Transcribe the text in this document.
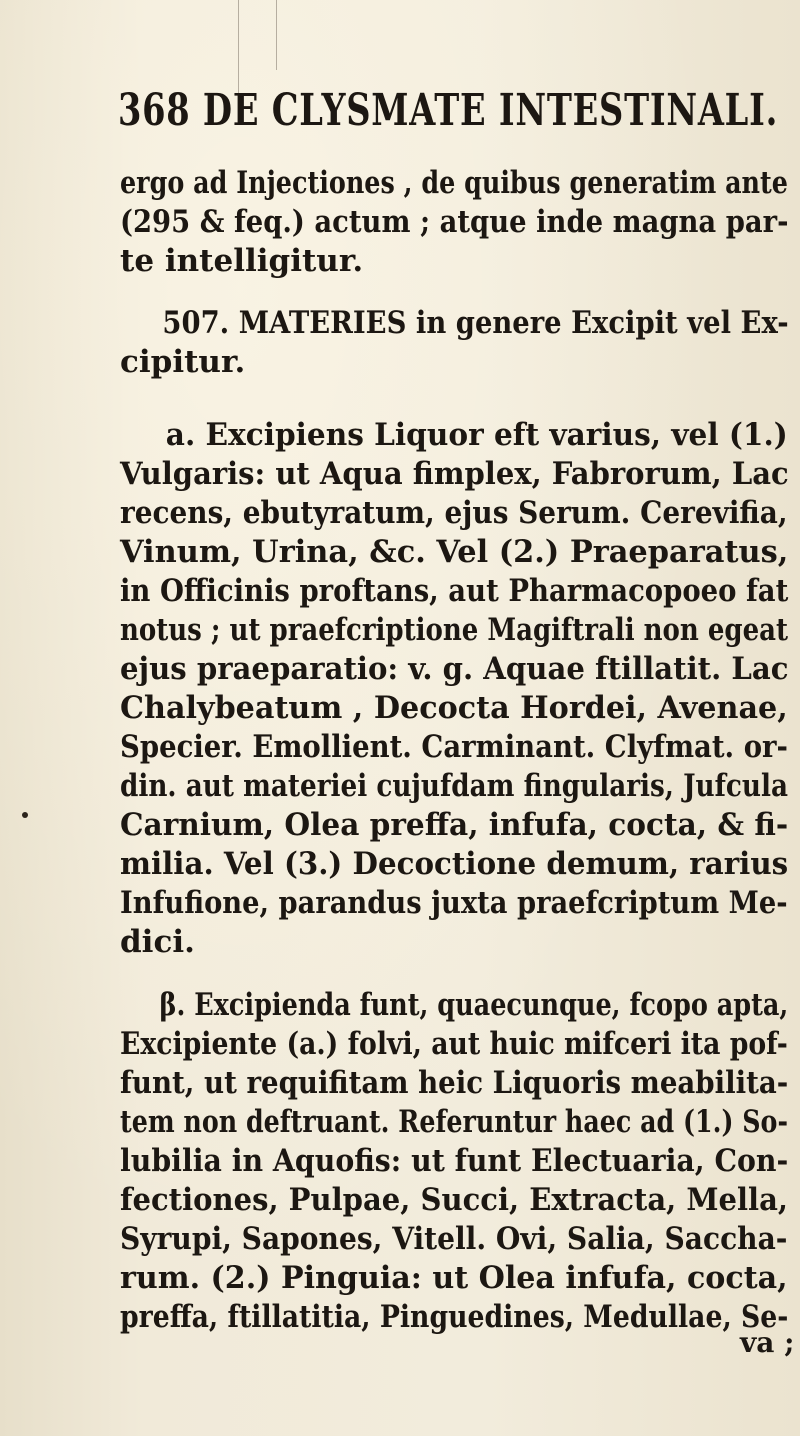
368 DE CLYSMATE INTESTINALI.
ergo ad Injectiones , de quibus generatim ante
(295 & feq.) actum ; atque inde magna par-
te intelligitur.
507. MATERIES in genere Excipit vel Ex-
cipitur.
a. Excipiens Liquor eft varius, vel (1.)
Vulgaris: ut Aqua fimplex, Fabrorum, Lac
recens, ebutyratum, ejus Serum. Cerevifia,
Vinum, Urina, &c. Vel (2.) Praeparatus,
in Officinis proftans, aut Pharmacopoeo fat
notus ; ut praefcriptione Magiftrali non egeat
ejus praeparatio: v. g. Aquae ftillatit. Lac
Chalybeatum , Decocta Hordei, Avenae,
Specier. Emollient. Carminant. Clyfmat. or-
din. aut materiei cujufdam fingularis, Jufcula
Carnium, Olea preffa, infufa, cocta, & fi-
milia. Vel (3.) Decoctione demum, rarius
Infufione, parandus juxta praefcriptum Me-
dici.
β. Excipienda funt, quaecunque, fcopo apta,
Excipiente (a.) folvi, aut huic mifceri ita pof-
funt, ut requifitam heic Liquoris meabilita-
tem non deftruant. Referuntur haec ad (1.) So-
lubilia in Aquofis: ut funt Electuaria, Con-
fectiones, Pulpae, Succi, Extracta, Mella,
Syrupi, Sapones, Vitell. Ovi, Salia, Saccha-
rum. (2.) Pinguia: ut Olea infufa, cocta,
preffa, ftillatitia, Pinguedines, Medullae, Se-
va ;
